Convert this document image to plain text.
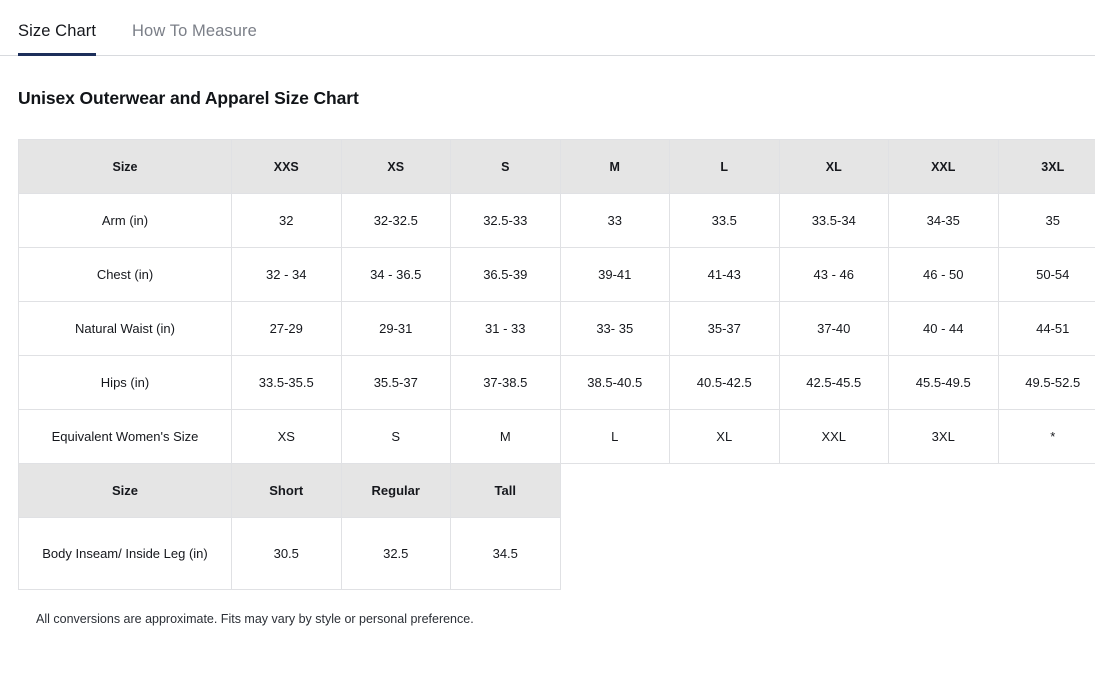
Size Chart How To Measure
Unisex Outerwear and Apparel Size Chart
Size	XXS	XS	S	M	L	XL	XXL	3XL
Arm (in)	32	32-32.5	32.5-33	33	33.5	33.5-34	34-35	35
Chest (in)	32 - 34	34 - 36.5	36.5-39	39-41	41-43	43 - 46	46 - 50	50-54
Natural Waist (in)	27-29	29-31	31 - 33	33- 35	35-37	37-40	40 - 44	44-51
Hips (in)	33.5-35.5	35.5-37	37-38.5	38.5-40.5	40.5-42.5	42.5-45.5	45.5-49.5	49.5-52.5
Equivalent Women's Size	XS	S	M	L	XL	XXL	3XL	*
Size	Short	Regular	Tall					
Body Inseam/ Inside Leg (in)	30.5	32.5	34.5					
All conversions are approximate. Fits may vary by style or personal preference.
